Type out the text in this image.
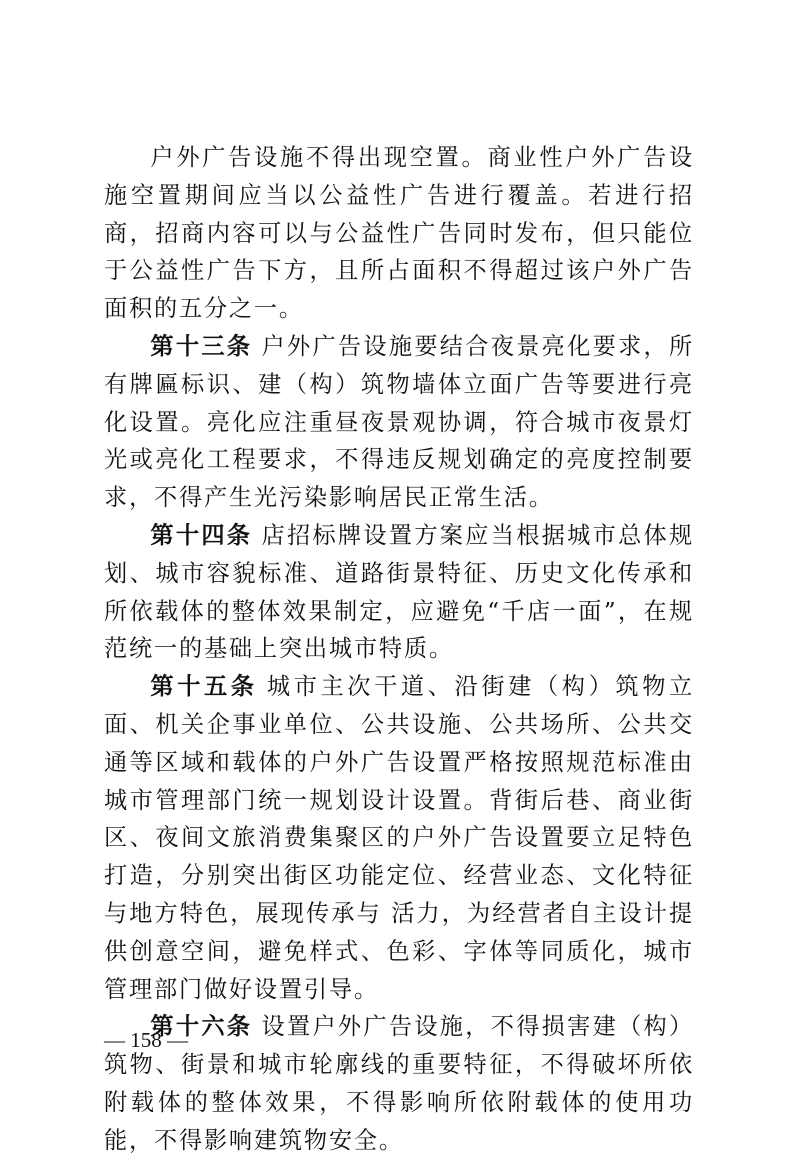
户外广告设施不得出现空置。商业性户外广告设施空置期间应当以公益性广告进行覆盖。若进行招商，招商内容可以与公益性广告同时发布，但只能位于公益性广告下方，且所占面积不得超过该户外广告面积的五分之一。

第十三条 户外广告设施要结合夜景亮化要求，所有牌匾标识、建（构）筑物墙体立面广告等要进行亮化设置。亮化应注重昼夜景观协调，符合城市夜景灯光或亮化工程要求，不得违反规划确定的亮度控制要求，不得产生光污染影响居民正常生活。

第十四条 店招标牌设置方案应当根据城市总体规划、城市容貌标准、道路街景特征、历史文化传承和所依载体的整体效果制定，应避免“千店一面”，在规范统一的基础上突出城市特质。

第十五条 城市主次干道、沿街建（构）筑物立面、机关企事业单位、公共设施、公共场所、公共交通等区域和载体的户外广告设置严格按照规范标准由城市管理部门统一规划设计设置。背街后巷、商业街区、夜间文旅消费集聚区的户外广告设置要立足特色打造，分别突出街区功能定位、经营业态、文化特征与地方特色，展现传承与 活力，为经营者自主设计提供创意空间，避免样式、色彩、字体等同质化，城市管理部门做好设置引导。

第十六条 设置户外广告设施，不得损害建（构）筑物、街景和城市轮廓线的重要特征，不得破坏所依附载体的整体效果，不得影响所依附载体的使用功能，不得影响建筑物安全。

— 158 —
